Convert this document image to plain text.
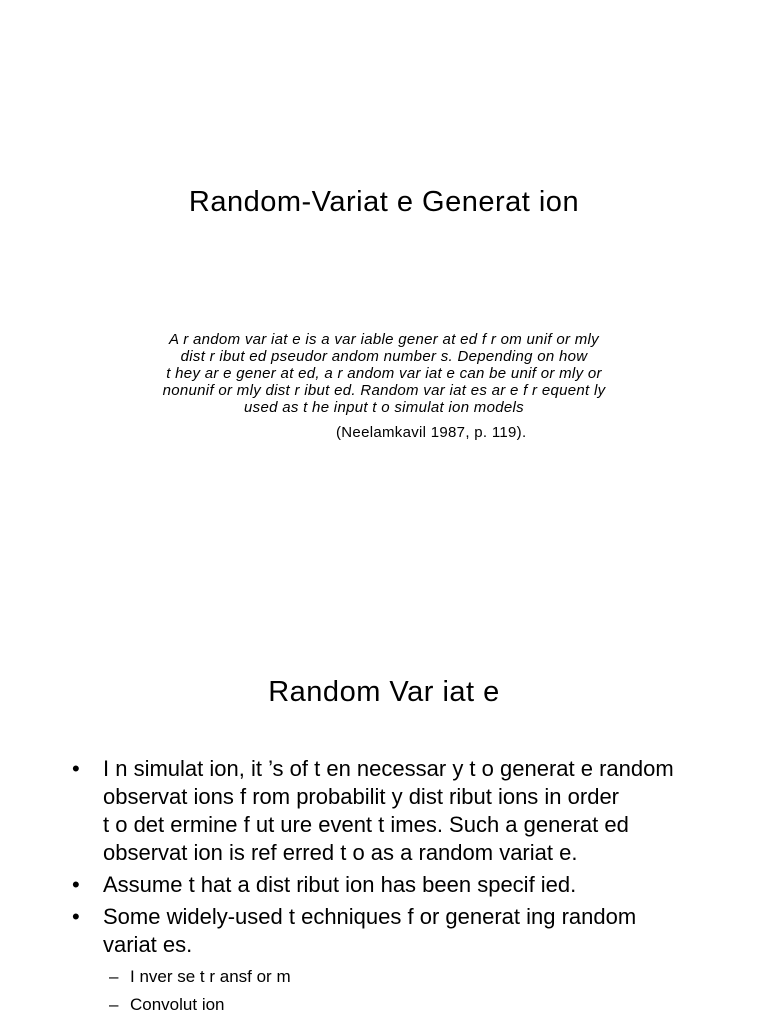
Random-Variat e Generat ion
A r andom var iat e is a var iable gener at ed f r om unif or mly
dist r ibut ed pseudor andom number s. Depending on how
t hey ar e gener at ed, a r andom var iat e can be unif or mly or
nonunif or mly dist r ibut ed. Random var iat es ar e f r equent ly
used as t he input t o simulat ion models
(Neelamkavil 1987, p. 119).
Random Var iat e
• I n simulat ion, it ’s of t en necessar y t o generat e random
observat ions f rom probabilit y dist ribut ions in order
t o det ermine f ut ure event t imes. Such a generat ed
observat ion is ref erred t o as a random variat e.
• Assume t hat a dist ribut ion has been specif ied.
• Some widely-used t echniques f or generat ing random
variat es.
– I nver se t r ansf or m
– Convolut ion
